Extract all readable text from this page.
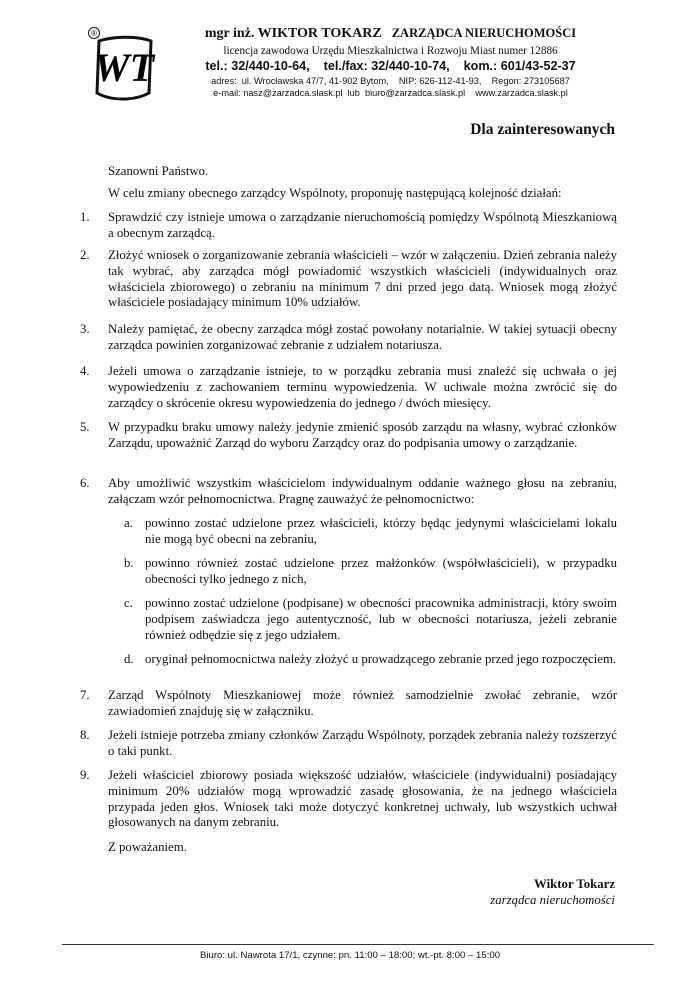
®
WT
mgr inż. WIKTOR TOKARZ ZARZĄDCA NIERUCHOMOŚCI
licencja zawodowa Urzędu Mieszkalnictwa i Rozwoju Miast numer 12886
tel.: 32/440-10-64,    tel./fax: 32/440-10-74,    kom.: 601/43-52-37
adres:  ul. Wrocławska 47/7, 41-902 Bytom,    NIP: 626-112-41-93,    Regon: 273105687
e-mail: nasz@zarzadca.slask.pl  lub  biuro@zarzadca.slask.pl    www.zarzadca.slask.pl
Dla zainteresowanych
Szanowni Państwo.
W celu zmiany obecnego zarządcy Wspólnoty, proponuję następującą kolejność działań:
1. Sprawdzić czy istnieje umowa o zarządzanie nieruchomością pomiędzy Wspólnotą Mieszkaniową a obecnym zarządcą.
2. Złożyć wniosek o zorganizowanie zebrania właścicieli – wzór w załączeniu. Dzień zebrania należy tak wybrać, aby zarządca mógł powiadomić wszystkich właścicieli (indywidualnych oraz właściciela zbiorowego) o zebraniu na minimum 7 dni przed jego datą. Wniosek mogą złożyć właściciele posiadający minimum 10% udziałów.
3. Należy pamiętać, że obecny zarządca mógł zostać powołany notarialnie. W takiej sytuacji obecny zarządca powinien zorganizować zebranie z udziałem notariusza.
4. Jeżeli umowa o zarządzanie istnieje, to w porządku zebrania musi znaleźć się uchwała o jej wypowiedzeniu z zachowaniem terminu wypowiedzenia. W uchwale można zwrócić się do zarządcy o skrócenie okresu wypowiedzenia do jednego / dwóch miesięcy.
5. W przypadku braku umowy należy jedynie zmienić sposób zarządu na własny, wybrać członków Zarządu, upoważnić Zarząd do wyboru Zarządcy oraz do podpisania umowy o zarządzanie.
6. Aby umożliwić wszystkim właścicielom indywidualnym oddanie ważnego głosu na zebraniu, załączam wzór pełnomocnictwa. Pragnę zauważyć że pełnomocnictwo:
a. powinno zostać udzielone przez właścicieli, którzy będąc jedynymi właścicielami lokalu nie mogą być obecni na zebraniu,
b. powinno również zostać udzielone przez małżonków (współwłaścicieli), w przypadku obecności tylko jednego z nich,
c. powinno zostać udzielone (podpisane) w obecności pracownika administracji, który swoim podpisem zaświadcza jego autentyczność, lub w obecności notariusza, jeżeli zebranie również odbędzie się z jego udziałem.
d. oryginał pełnomocnictwa należy złożyć u prowadzącego zebranie przed jego rozpoczęciem.
7. Zarząd Wspólnoty Mieszkaniowej może również samodzielnie zwołać zebranie, wzór zawiadomień znajduję się w załączniku.
8. Jeżeli istnieje potrzeba zmiany członków Zarządu Wspólnoty, porządek zebrania należy rozszerzyć o taki punkt.
9. Jeżeli właściciel zbiorowy posiada większość udziałów, właściciele (indywidualni) posiadający minimum 20% udziałów mogą wprowadzić zasadę głosowania, że na jednego właściciela przypada jeden głos. Wniosek taki może dotyczyć konkretnej uchwały, lub wszystkich uchwał głosowanych na danym zebraniu.
Z poważaniem.
Wiktor Tokarz
zarządca nieruchomości
Biuro: ul. Nawrota 17/1, czynne: pn. 11:00 – 18:00; wt.-pt. 8:00 – 15:00
